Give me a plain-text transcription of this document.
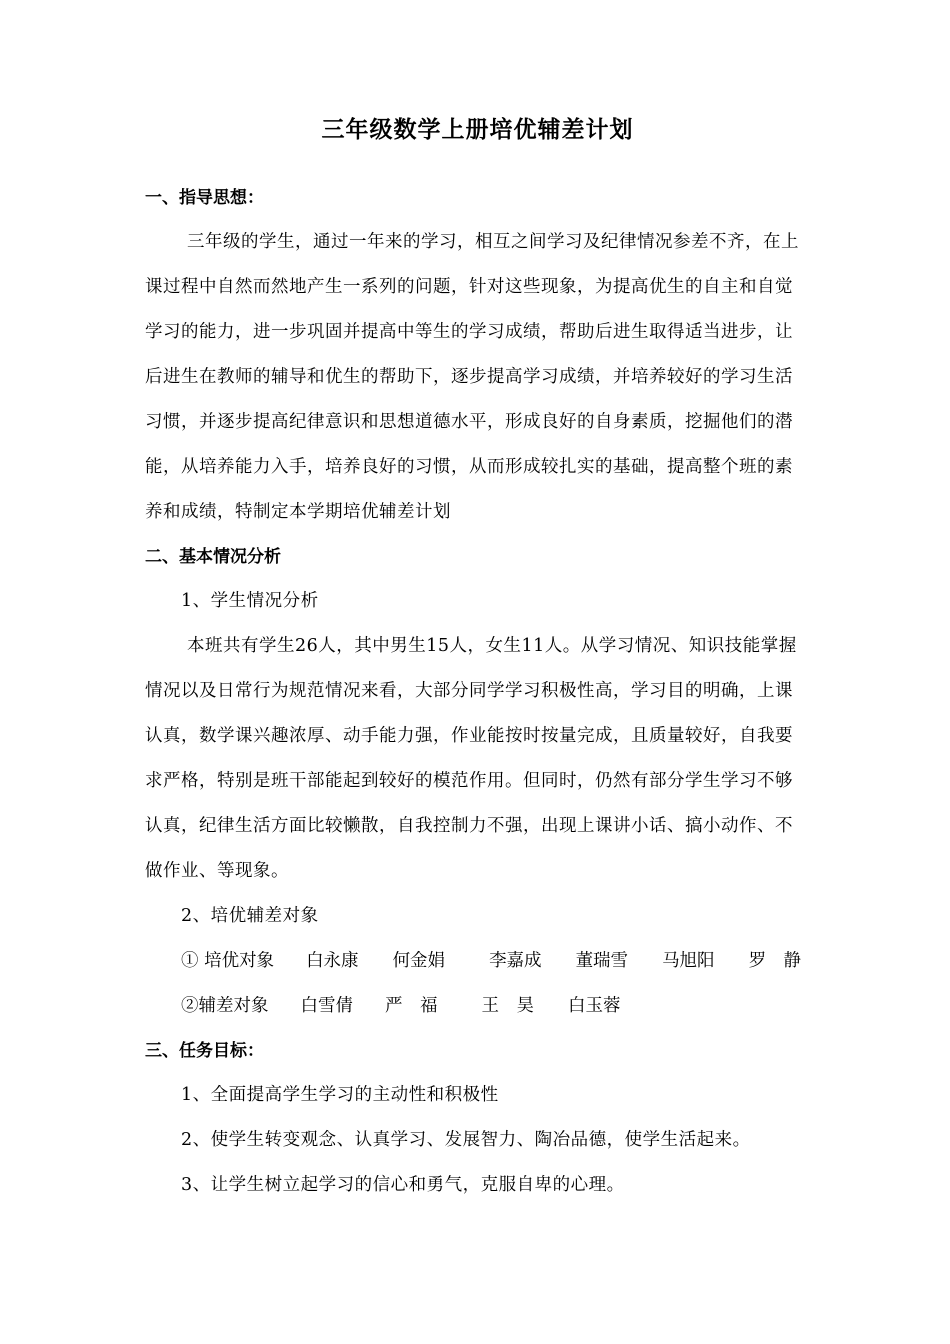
三年级数学上册培优辅差计划
一、指导思想：
三年级的学生，通过一年来的学习，相互之间学习及纪律情况参差不齐，在上课过程中自然而然地产生一系列的问题，针对这些现象，为提高优生的自主和自觉学习的能力，进一步巩固并提高中等生的学习成绩，帮助后进生取得适当进步，让后进生在教师的辅导和优生的帮助下，逐步提高学习成绩，并培养较好的学习生活习惯，并逐步提高纪律意识和思想道德水平，形成良好的自身素质，挖掘他们的潜能，从培养能力入手，培养良好的习惯，从而形成较扎实的基础，提高整个班的素养和成绩，特制定本学期培优辅差计划
二、基本情况分析
1、学生情况分析
本班共有学生26人，其中男生15人，女生11人。从学习情况、知识技能掌握情况以及日常行为规范情况来看，大部分同学学习积极性高，学习目的明确，上课认真，数学课兴趣浓厚、动手能力强，作业能按时按量完成，且质量较好，自我要求严格，特别是班干部能起到较好的模范作用。但同时，仍然有部分学生学习不够认真，纪律生活方面比较懒散，自我控制力不强，出现上课讲小话、搞小动作、不做作业、等现象。
2、培优辅差对象
① 培优对象 白永康 何金娟	李嘉成 董瑞雪 马旭阳 罗　静
②辅差对象 白雪倩 严　福	王　昊 白玉蓉
三、任务目标：
1、全面提高学生学习的主动性和积极性
2、使学生转变观念、认真学习、发展智力、陶冶品德，使学生活起来。
3、让学生树立起学习的信心和勇气，克服自卑的心理。
